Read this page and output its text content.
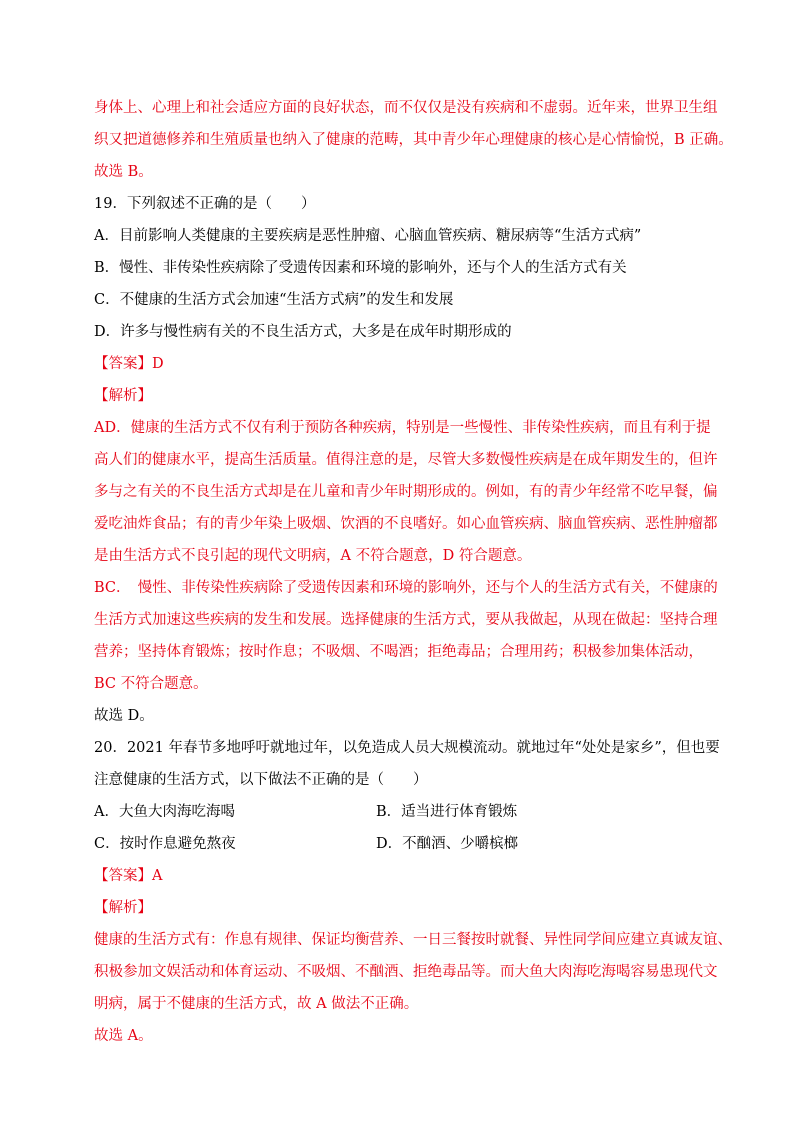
身体上、心理上和社会适应方面的良好状态，而不仅仅是没有疾病和不虚弱。近年来，世界卫生组
织又把道德修养和生殖质量也纳入了健康的范畴，其中青少年心理健康的核心是心情愉悦，B 正确。
故选 B。
19．下列叙述不正确的是（　　）
A．目前影响人类健康的主要疾病是恶性肿瘤、心脑血管疾病、糖尿病等“生活方式病”
B．慢性、非传染性疾病除了受遗传因素和环境的影响外，还与个人的生活方式有关
C．不健康的生活方式会加速“生活方式病”的发生和发展
D．许多与慢性病有关的不良生活方式，大多是在成年时期形成的
【答案】D
【解析】
AD．健康的生活方式不仅有利于预防各种疾病，特别是一些慢性、非传染性疾病，而且有利于提
高人们的健康水平，提高生活质量。值得注意的是，尽管大多数慢性疾病是在成年期发生的，但许
多与之有关的不良生活方式却是在儿童和青少年时期形成的。例如，有的青少年经常不吃早餐，偏
爱吃油炸食品；有的青少年染上吸烟、饮酒的不良嗜好。如心血管疾病、脑血管疾病、恶性肿瘤都
是由生活方式不良引起的现代文明病，A 不符合题意，D 符合题意。
BC．　慢性、非传染性疾病除了受遗传因素和环境的影响外，还与个人的生活方式有关，不健康的
生活方式加速这些疾病的发生和发展。选择健康的生活方式，要从我做起，从现在做起：坚持合理
营养；坚持体育锻炼；按时作息；不吸烟、不喝酒；拒绝毒品；合理用药；积极参加集体活动，
BC 不符合题意。
故选 D。
20．2021 年春节多地呼吁就地过年，以免造成人员大规模流动。就地过年“处处是家乡”，但也要
注意健康的生活方式，以下做法不正确的是（　　）
A．大鱼大肉海吃海喝	B．适当进行体育锻炼
C．按时作息避免熬夜	D．不酗酒、少嚼槟榔
【答案】A
【解析】
健康的生活方式有：作息有规律、保证均衡营养、一日三餐按时就餐、异性同学间应建立真诚友谊、
积极参加文娱活动和体育运动、不吸烟、不酗酒、拒绝毒品等。而大鱼大肉海吃海喝容易患现代文
明病，属于不健康的生活方式，故 A 做法不正确。
故选 A。
